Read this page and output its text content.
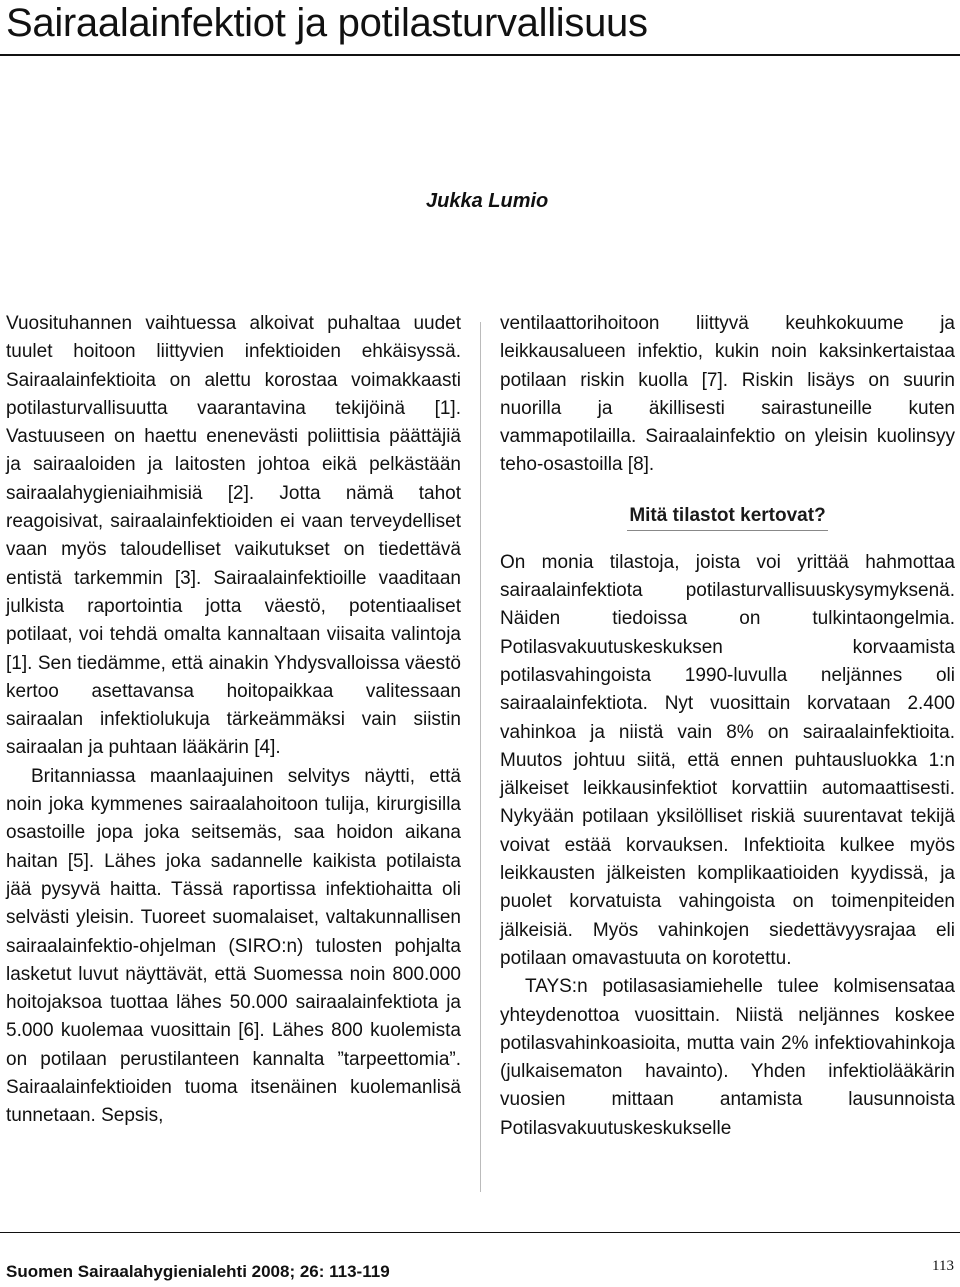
Sairaalainfektiot ja potilasturvallisuus
Jukka Lumio

Vuosituhannen vaihtuessa alkoivat puhaltaa uudet tuulet hoitoon liittyvien infektioiden ehkäisyssä. Sairaalainfektioita on alettu korostaa voimakkaasti potilasturvallisuutta vaarantavina tekijöinä [1]. Vastuuseen on haettu enenevästi poliittisia päättäjiä ja sairaaloiden ja laitosten johtoa eikä pelkästään sairaalahygieniaihmisiä [2]. Jotta nämä tahot reagoisivat, sairaalainfektioiden ei vaan terveydelliset vaan myös taloudelliset vaikutukset on tiedettävä entistä tarkemmin [3]. Sairaalainfektioille vaaditaan julkista raportointia jotta väestö, potentiaaliset potilaat, voi tehdä omalta kannaltaan viisaita valintoja [1]. Sen tiedämme, että ainakin Yhdysvalloissa väestö kertoo asettavansa hoitopaikkaa valitessaan sairaalan infektiolukuja tärkeämmäksi vain siistin sairaalan ja puhtaan lääkärin [4].

Britanniassa maanlaajuinen selvitys näytti, että noin joka kymmenes sairaalahoitoon tulija, kirurgisilla osastoille jopa joka seitsemäs, saa hoidon aikana haitan [5]. Lähes joka sadannelle kaikista potilaista jää pysyvä haitta. Tässä raportissa infektiohaitta oli selvästi yleisin. Tuoreet suomalaiset, valtakunnallisen sairaalainfektio-ohjelman (SIRO:n) tulosten pohjalta lasketut luvut näyttävät, että Suomessa noin 800.000 hoitojaksoa tuottaa lähes 50.000 sairaalainfektiota ja 5.000 kuolemaa vuosittain [6]. Lähes 800 kuolemista on potilaan perustilanteen kannalta ”tarpeettomia”. Sairaalainfektioiden tuoma itsenäinen kuolemanlisä tunnetaan. Sepsis,

ventilaattorihoitoon liittyvä keuhkokuume ja leikkausalueen infektio, kukin noin kaksinkertaistaa potilaan riskin kuolla [7]. Riskin lisäys on suurin nuorilla ja äkillisesti sairastuneille kuten vammapotilailla. Sairaalainfektio on yleisin kuolinsyy teho-osastoilla [8].

Mitä tilastot kertovat?

On monia tilastoja, joista voi yrittää hahmottaa sairaalainfektiota potilasturvallisuuskysymyksenä. Näiden tiedoissa on tulkintaongelmia. Potilasvakuutuskeskuksen korvaamista potilasvahingoista 1990-luvulla neljännes oli sairaalainfektiota. Nyt vuosittain korvataan 2.400 vahinkoa ja niistä vain 8% on sairaalainfektioita. Muutos johtuu siitä, että ennen puhtausluokka 1:n jälkeiset leikkausinfektiot korvattiin automaattisesti. Nykyään potilaan yksilölliset riskiä suurentavat tekijä voivat estää korvauksen. Infektioita kulkee myös leikkausten jälkeisten komplikaatioiden kyydissä, ja puolet korvatuista vahingoista on toimenpiteiden jälkeisiä. Myös vahinkojen siedettävyysrajaa eli potilaan omavastuuta on korotettu.

TAYS:n potilasasiamiehelle tulee kolmisensataa yhteydenottoa vuosittain. Niistä neljännes koskee potilasvahinkoasioita, mutta vain 2% infektiovahinkoja (julkaisematon havainto). Yhden infektiolääkärin vuosien mittaan antamista lausunnoista Potilasvakuutuskeskukselle

Suomen Sairaalahygienialehti 2008; 26: 113-119	113
